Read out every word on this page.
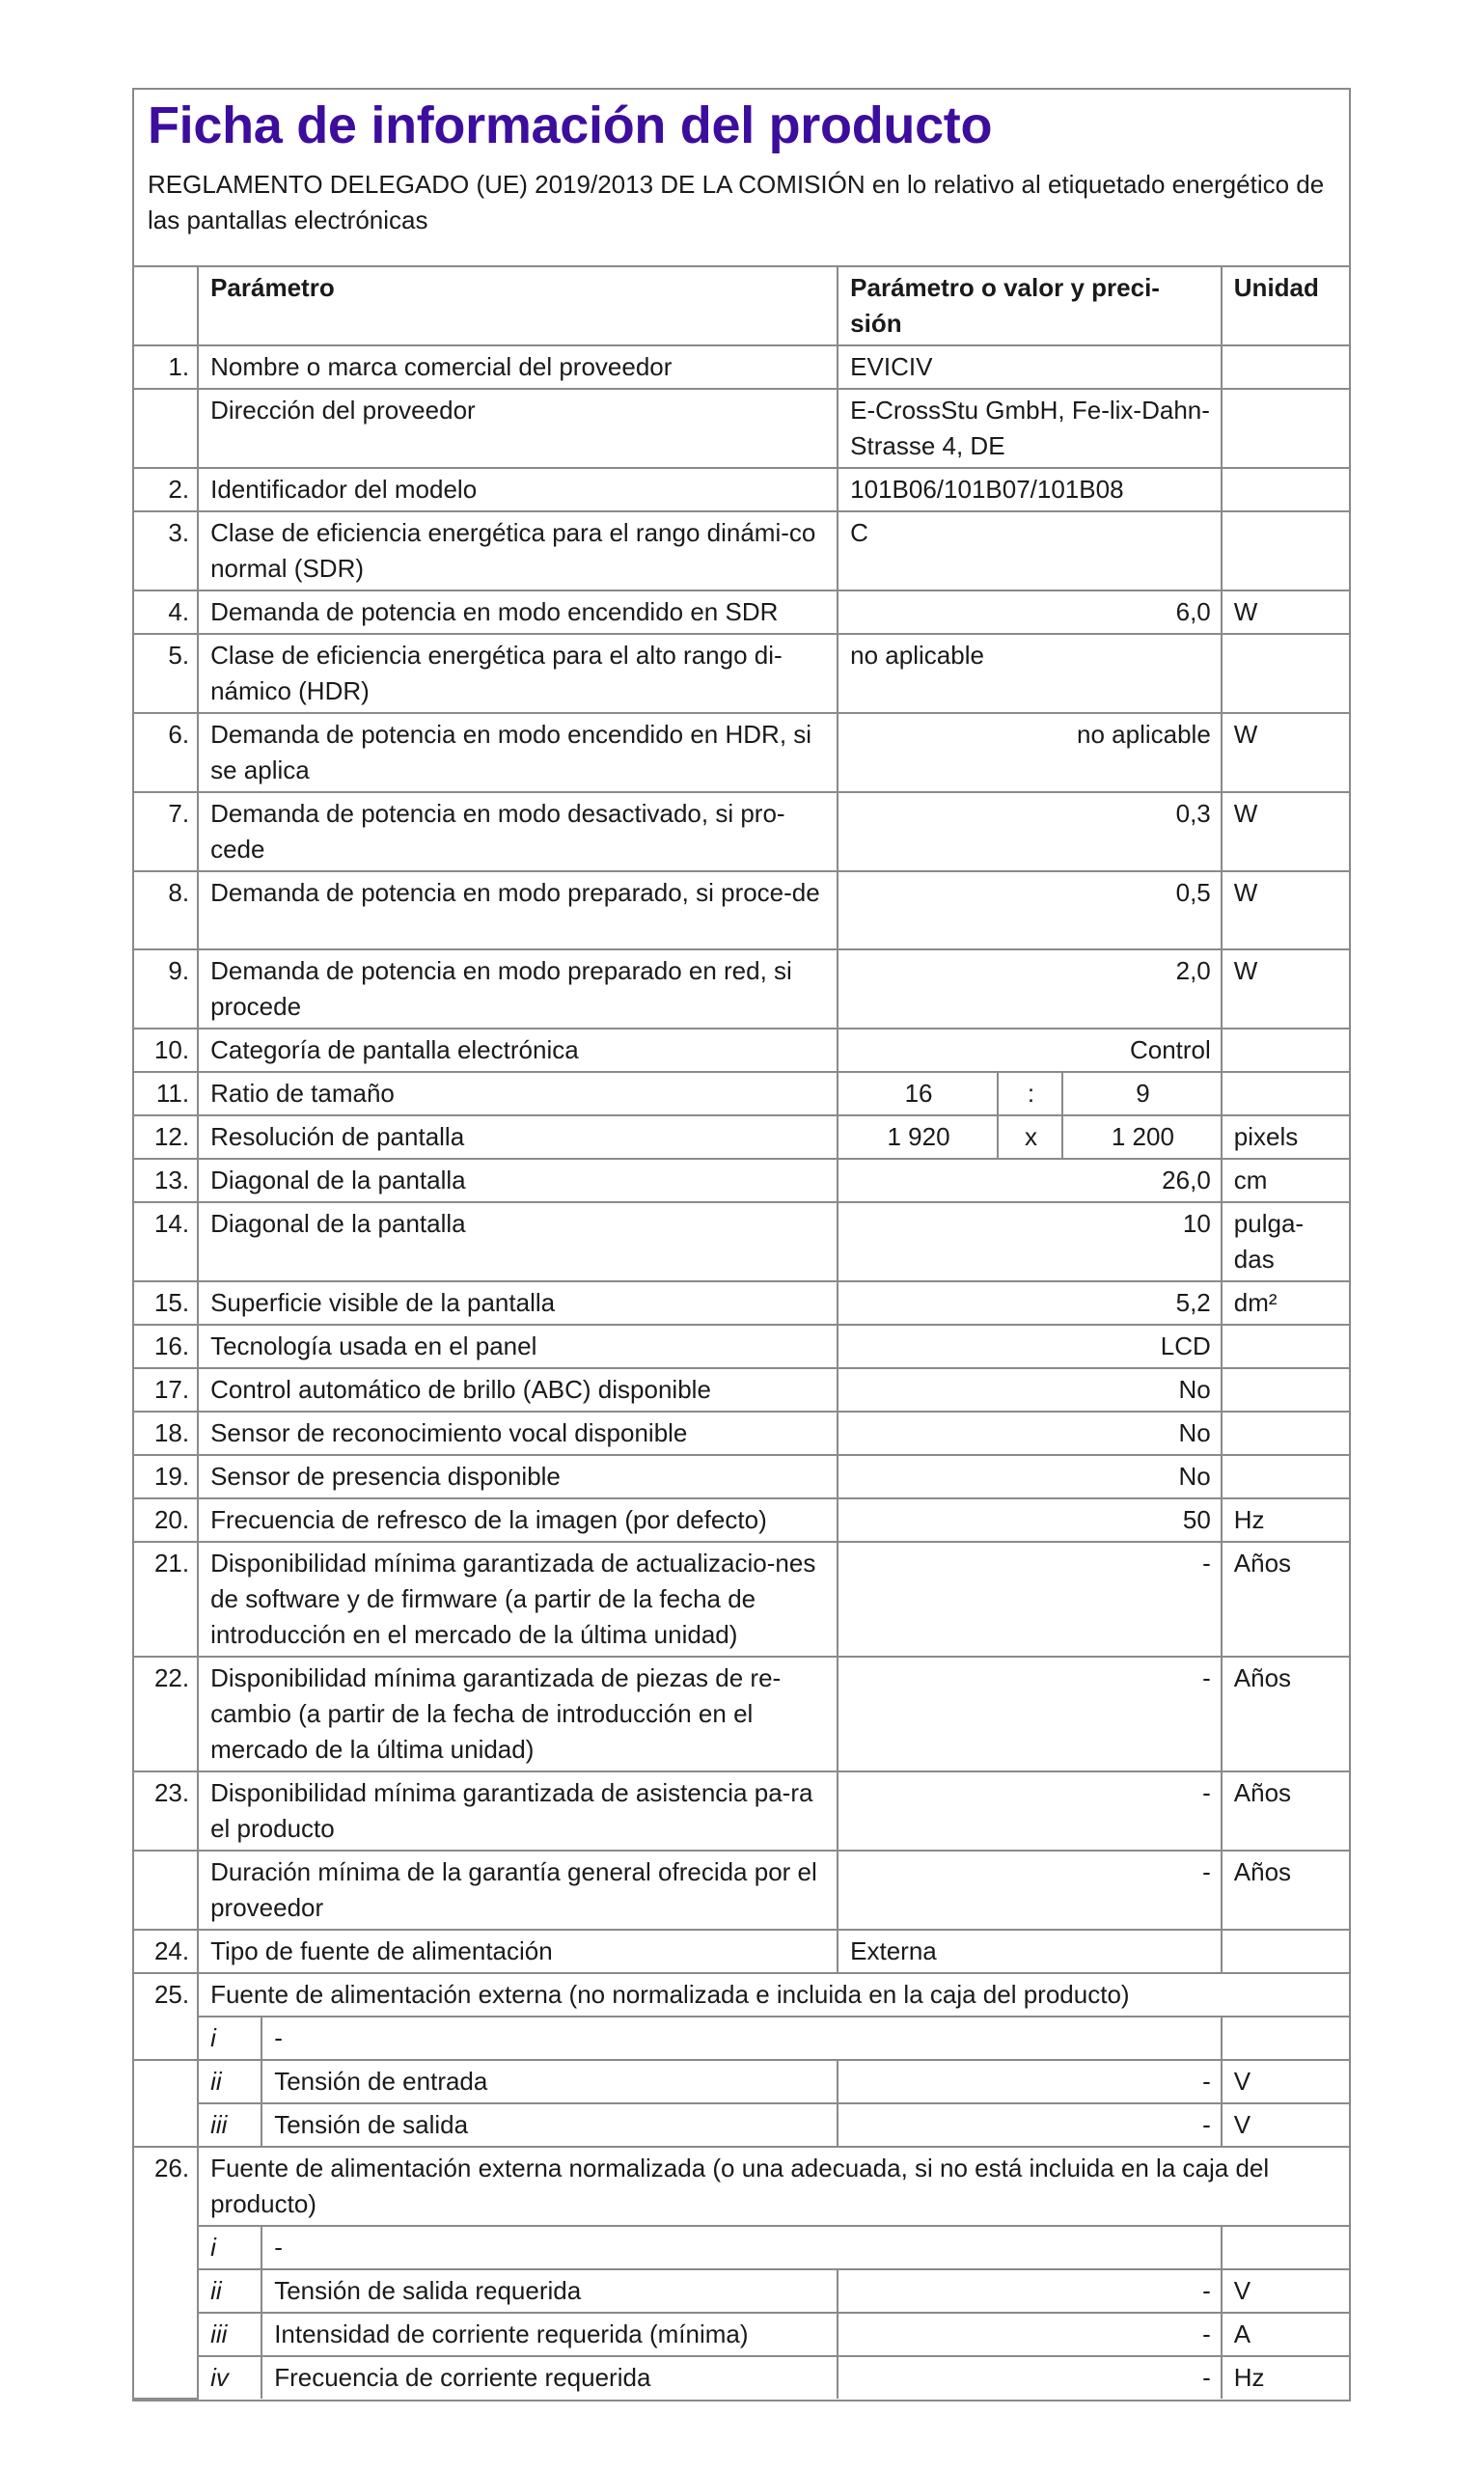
Ficha de información del producto
REGLAMENTO DELEGADO (UE) 2019/2013 DE LA COMISIÓN en lo relativo al etiquetado energético de las pantallas electrónicas
	Parámetro		Parámetro o valor y preci-sión			Unidad
1.	Nombre o marca comercial del proveedor		EVICIV			
	Dirección del proveedor		E-CrossStu GmbH, Fe-lix-Dahn-Strasse 4, DE			
2.	Identificador del modelo		101B06/101B07/101B08			
3.	Clase de eficiencia energética para el rango dinámi-co normal (SDR)		C			
4.	Demanda de potencia en modo encendido en SDR		6,0			W
5.	Clase de eficiencia energética para el alto rango di-námico (HDR)		no aplicable			
6.	Demanda de potencia en modo encendido en HDR, si se aplica		no aplicable			W
7.	Demanda de potencia en modo desactivado, si pro-cede		0,3			W
8.	Demanda de potencia en modo preparado, si proce-de		0,5			W
9.	Demanda de potencia en modo preparado en red, si procede		2,0			W
10.	Categoría de pantalla electrónica		Control			
11.	Ratio de tamaño		16	:	9	
12.	Resolución de pantalla		1 920	x	1 200	pixels
13.	Diagonal de la pantalla		26,0			cm
14.	Diagonal de la pantalla		10			pulga-das
15.	Superficie visible de la pantalla		5,2			dm²
16.	Tecnología usada en el panel		LCD			
17.	Control automático de brillo (ABC) disponible		No			
18.	Sensor de reconocimiento vocal disponible		No			
19.	Sensor de presencia disponible		No			
20.	Frecuencia de refresco de la imagen (por defecto)		50			Hz
21.	Disponibilidad mínima garantizada de actualizacio-nes de software y de firmware (a partir de la fecha de introducción en el mercado de la última unidad)		-			Años
22.	Disponibilidad mínima garantizada de piezas de re-cambio (a partir de la fecha de introducción en el mercado de la última unidad)		-			Años
23.	Disponibilidad mínima garantizada de asistencia pa-ra el producto		-			Años
	Duración mínima de la garantía general ofrecida por el proveedor		-			Años
24.	Tipo de fuente de alimentación		Externa			
25.	Fuente de alimentación externa (no normalizada e incluida en la caja del producto)					
	i	-				
	ii	Tensión de entrada	-			V
	iii	Tensión de salida	-			V
26.	Fuente de alimentación externa normalizada (o una adecuada, si no está incluida en la caja del producto)					
	i	-				
	ii	Tensión de salida requerida	-			V
	iii	Intensidad de corriente requerida (mínima)	-			A
	iv	Frecuencia de corriente requerida	-			Hz
